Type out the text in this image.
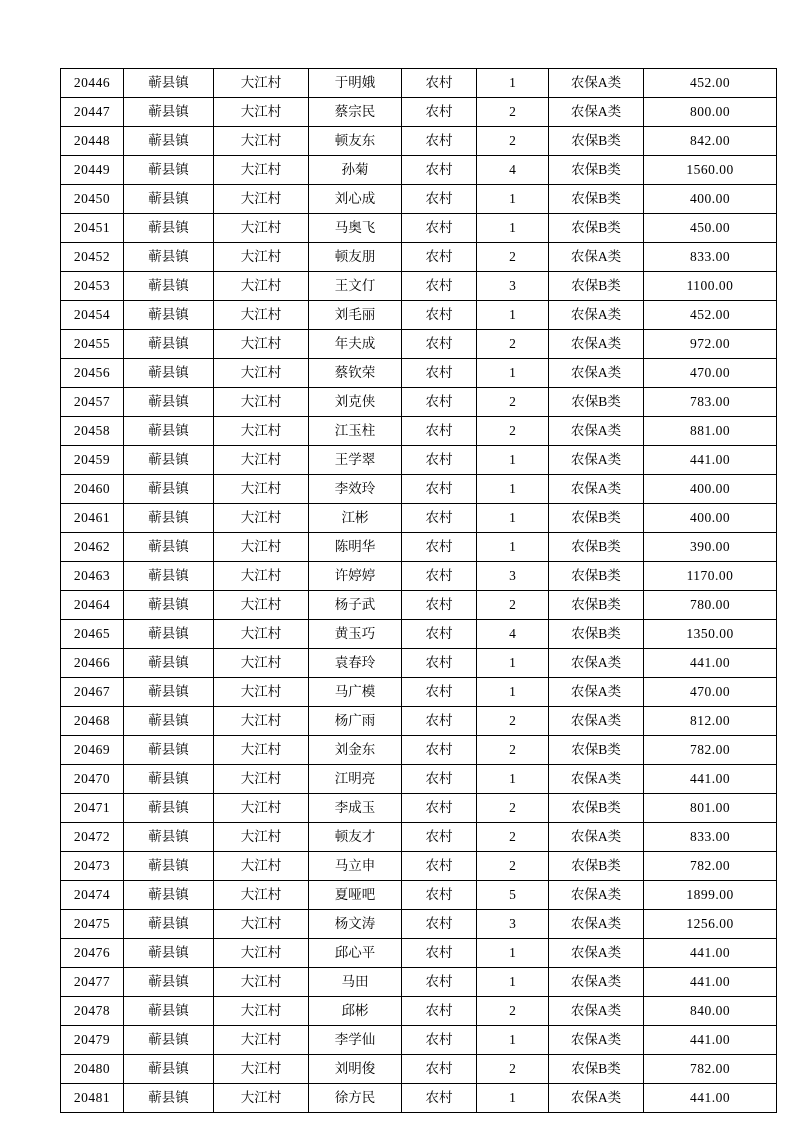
20446	蕲县镇	大江村	于明娥	农村	1	农保A类	452.00
20447	蕲县镇	大江村	蔡宗民	农村	2	农保A类	800.00
20448	蕲县镇	大江村	顿友东	农村	2	农保B类	842.00
20449	蕲县镇	大江村	孙菊	农村	4	农保B类	1560.00
20450	蕲县镇	大江村	刘心成	农村	1	农保B类	400.00
20451	蕲县镇	大江村	马奥飞	农村	1	农保B类	450.00
20452	蕲县镇	大江村	顿友朋	农村	2	农保A类	833.00
20453	蕲县镇	大江村	王文仃	农村	3	农保B类	1100.00
20454	蕲县镇	大江村	刘毛丽	农村	1	农保A类	452.00
20455	蕲县镇	大江村	年夫成	农村	2	农保A类	972.00
20456	蕲县镇	大江村	蔡钦荣	农村	1	农保A类	470.00
20457	蕲县镇	大江村	刘克侠	农村	2	农保B类	783.00
20458	蕲县镇	大江村	江玉柱	农村	2	农保A类	881.00
20459	蕲县镇	大江村	王学翠	农村	1	农保A类	441.00
20460	蕲县镇	大江村	李效玲	农村	1	农保A类	400.00
20461	蕲县镇	大江村	江彬	农村	1	农保B类	400.00
20462	蕲县镇	大江村	陈明华	农村	1	农保B类	390.00
20463	蕲县镇	大江村	许婷婷	农村	3	农保B类	1170.00
20464	蕲县镇	大江村	杨子武	农村	2	农保B类	780.00
20465	蕲县镇	大江村	黄玉巧	农村	4	农保B类	1350.00
20466	蕲县镇	大江村	袁春玲	农村	1	农保A类	441.00
20467	蕲县镇	大江村	马广模	农村	1	农保A类	470.00
20468	蕲县镇	大江村	杨广雨	农村	2	农保A类	812.00
20469	蕲县镇	大江村	刘金东	农村	2	农保B类	782.00
20470	蕲县镇	大江村	江明亮	农村	1	农保A类	441.00
20471	蕲县镇	大江村	李成玉	农村	2	农保B类	801.00
20472	蕲县镇	大江村	顿友才	农村	2	农保A类	833.00
20473	蕲县镇	大江村	马立申	农村	2	农保B类	782.00
20474	蕲县镇	大江村	夏哑吧	农村	5	农保A类	1899.00
20475	蕲县镇	大江村	杨文涛	农村	3	农保A类	1256.00
20476	蕲县镇	大江村	邱心平	农村	1	农保A类	441.00
20477	蕲县镇	大江村	马田	农村	1	农保A类	441.00
20478	蕲县镇	大江村	邱彬	农村	2	农保A类	840.00
20479	蕲县镇	大江村	李学仙	农村	1	农保A类	441.00
20480	蕲县镇	大江村	刘明俊	农村	2	农保B类	782.00
20481	蕲县镇	大江村	徐方民	农村	1	农保A类	441.00
